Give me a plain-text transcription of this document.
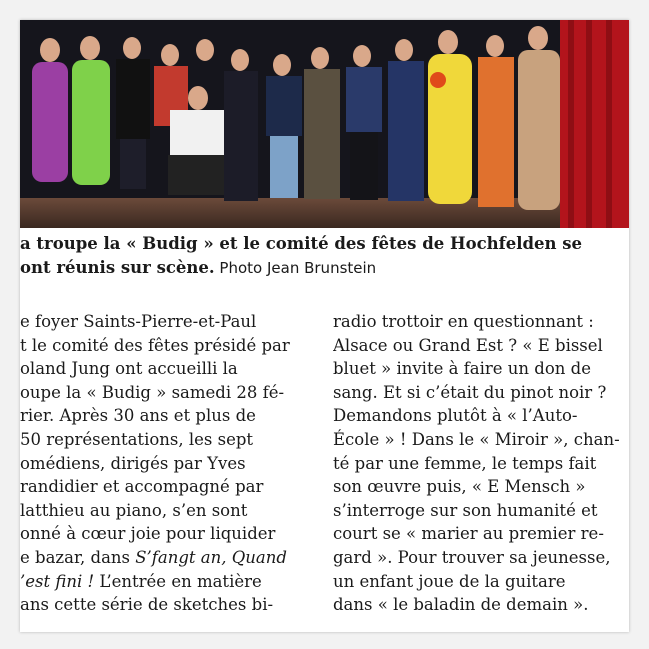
a troupe la « Budig » et le comité des fêtes de Hochfelden se
ont réunis sur scène. Photo Jean Brunstein
e foyer Saints-Pierre-et-Paul
t le comité des fêtes présidé par
oland Jung ont accueilli la
oupe la « Budig » samedi 28 fé-
rier. Après 30 ans et plus de
50 représentations, les sept
omédiens, dirigés par Yves
randidier et accompagné par
latthieu au piano, s’en sont
onné à cœur joie pour liquider
e bazar, dans S’fangt an, Quand
’est fini ! L’entrée en matière
ans cette série de sketches bi-
radio trottoir en questionnant :
Alsace ou Grand Est ? « E bissel
bluet » invite à faire un don de
sang. Et si c’était du pinot noir ?
Demandons plutôt à « l’Auto-
École » ! Dans le « Miroir », chan-
té par une femme, le temps fait
son œuvre puis, « E Mensch »
s’interroge sur son humanité et
court se « marier au premier re-
gard ». Pour trouver sa jeunesse,
un enfant joue de la guitare
dans « le baladin de demain ».
